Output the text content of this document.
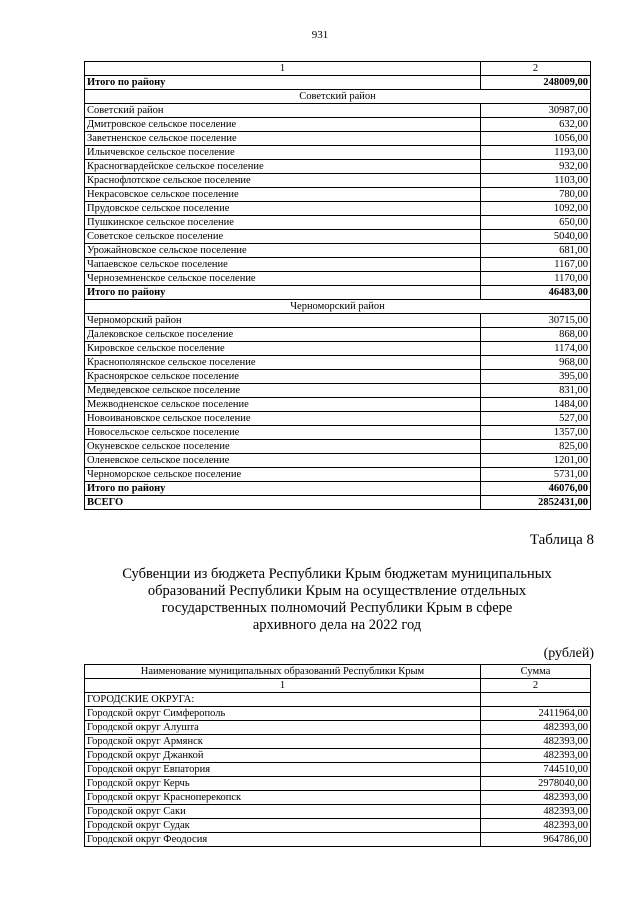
931
1	2
Итого по району	248009,00
Советский район	
Советский район	30987,00
Дмитровское сельское поселение	632,00
Заветненское сельское поселение	1056,00
Ильичевское сельское поселение	1193,00
Красногвардейское сельское поселение	932,00
Краснофлотское сельское поселение	1103,00
Некрасовское сельское поселение	780,00
Прудовское сельское поселение	1092,00
Пушкинское сельское поселение	650,00
Советское сельское поселение	5040,00
Урожайновское сельское поселение	681,00
Чапаевское сельское поселение	1167,00
Черноземненское сельское поселение	1170,00
Итого по району	46483,00
Черноморский район	
Черноморский район	30715,00
Далековское сельское поселение	868,00
Кировское сельское поселение	1174,00
Краснополянское сельское поселение	968,00
Красноярское сельское поселение	395,00
Медведевское сельское поселение	831,00
Межводненское сельское поселение	1484,00
Новоивановское сельское поселение	527,00
Новосельское сельское поселение	1357,00
Окуневское сельское поселение	825,00
Оленевское сельское поселение	1201,00
Черноморское сельское поселение	5731,00
Итого по району	46076,00
ВСЕГО	2852431,00
Таблица 8
Субвенции из бюджета Республики Крым бюджетам муниципальных
образований Республики Крым на осуществление отдельных
государственных полномочий Республики Крым в сфере
архивного дела на 2022 год
(рублей)
Наименование муниципальных образований Республики Крым	Сумма
1	2
ГОРОДСКИЕ ОКРУГА:	
Городской округ Симферополь	2411964,00
Городской округ Алушта	482393,00
Городской округ Армянск	482393,00
Городской округ Джанкой	482393,00
Городской округ Евпатория	744510,00
Городской округ Керчь	2978040,00
Городской округ Красноперекопск	482393,00
Городской округ Саки	482393,00
Городской округ Судак	482393,00
Городской округ Феодосия	964786,00
